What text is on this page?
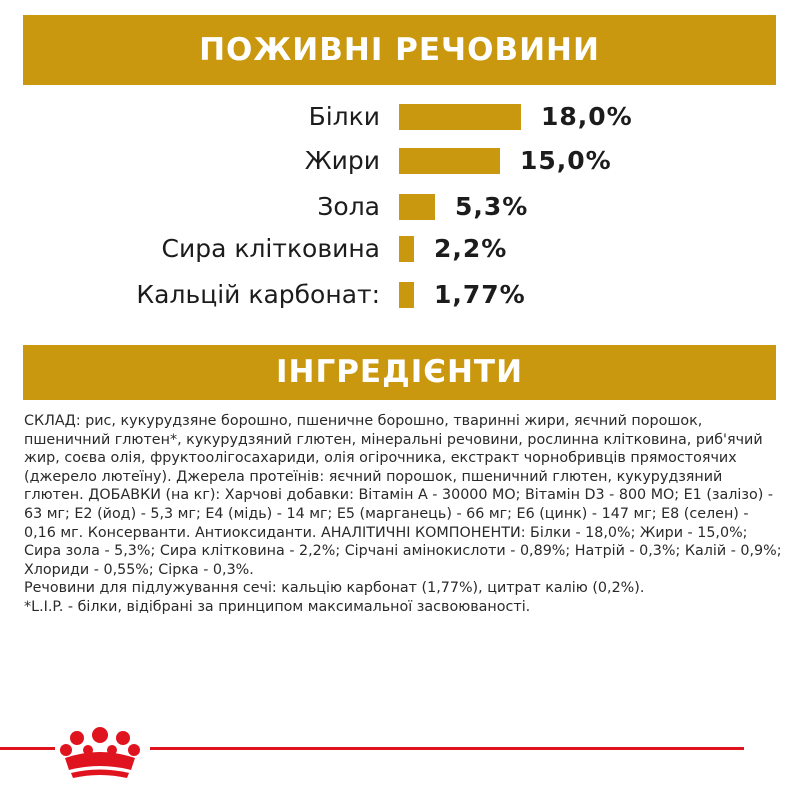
ПОЖИВНІ РЕЧОВИНИ
Білки	18,0%
Жири	15,0%
Зола	5,3%
Сира клітковина 2,2%
Кальцій карбонат: 1,77%
ІНГРЕДІЄНТИ

СКЛАД: рис, кукурудзяне борошно, пшеничне борошно, тваринні жири, яєчний порошок, пшеничний глютен*, кукурудзяний глютен, мінеральні речовини, рослинна клітковина, риб'ячий жир, соєва олія, фруктоолігосахариди, олія огірочника, екстракт чорнобривців прямостоячих (джерело лютеїну). Джерела протеїнів: яєчний порошок, пшеничний глютен, кукурудзяний глютен. ДОБАВКИ (на кг): Харчові добавки: Вітамін А - 30000 МО; Вітамін D3 - 800 МО; Е1 (залізо) - 63 мг; Е2 (йод) - 5,3 мг; Е4 (мідь) - 14 мг; Е5 (марганець) - 66 мг; Е6 (цинк) - 147 мг; Е8 (селен) - 0,16 мг. Консерванти. Антиоксиданти. АНАЛІТИЧНІ КОМПОНЕНТИ: Білки - 18,0%; Жири - 15,0%; Сира зола - 5,3%; Сира клітковина - 2,2%; Сірчані амінокислоти - 0,89%; Натрій - 0,3%; Калій - 0,9%; Хлориди - 0,55%; Сірка - 0,3%.

Речовини для підлужування сечі: кальцію карбонат (1,77%), цитрат калію (0,2%).

*L.I.P. - білки, відібрані за принципом максимальної засвоюваності.
